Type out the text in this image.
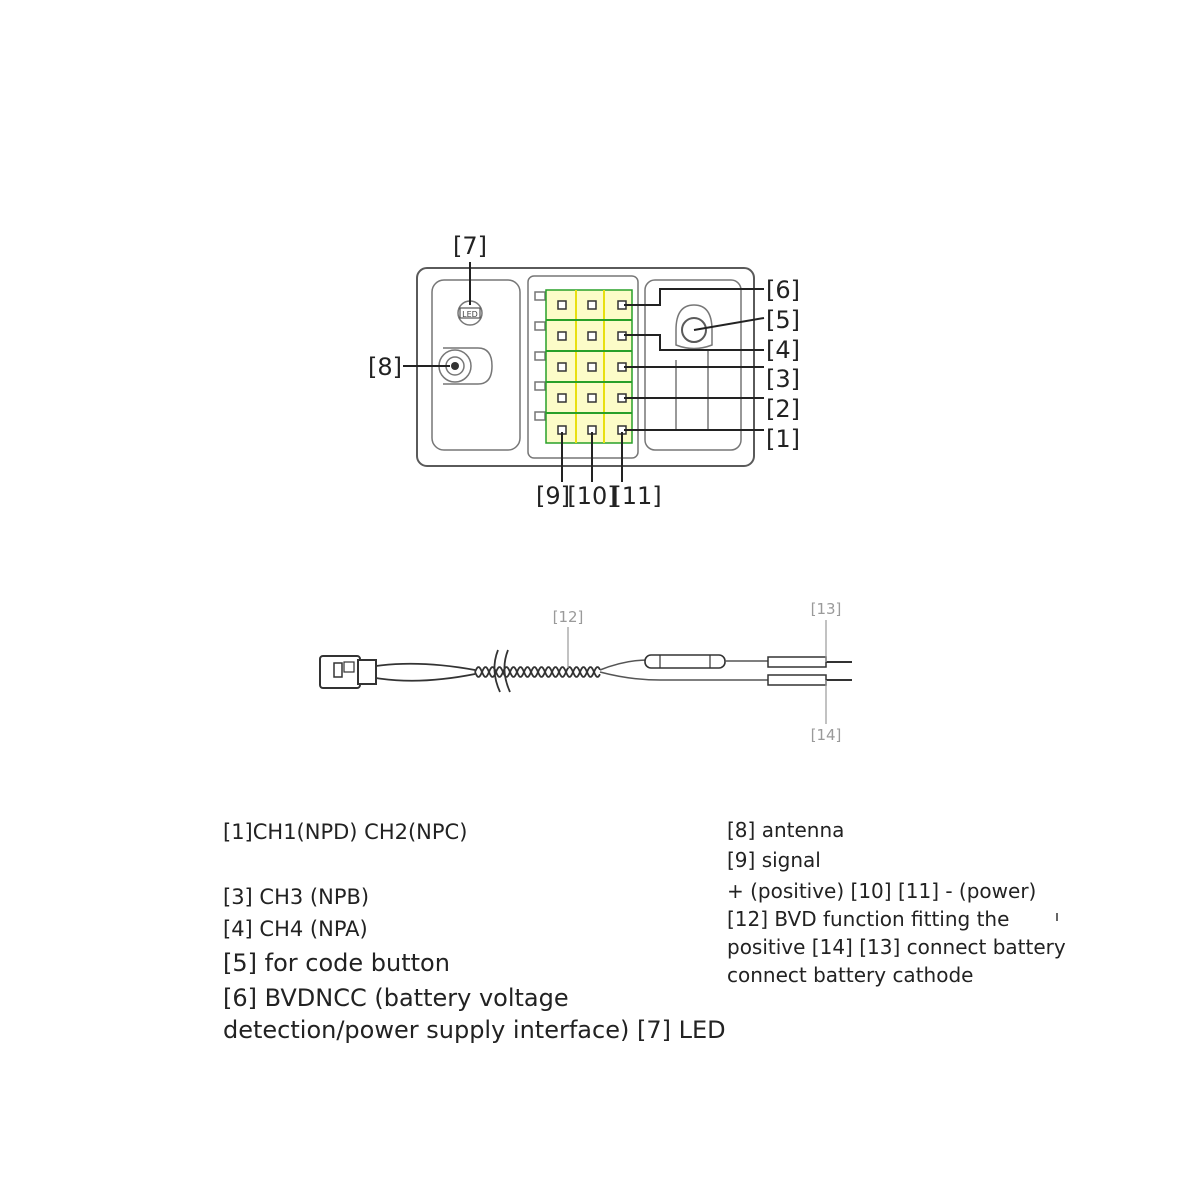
LED
[7]
[8]
[6]
[5]
[4]
[3]
[2]
[1]
[9]
[10]
[11]
[12]	[13]
[14]

[1]CH1(NPD) CH2(NPC)

[3] CH3 (NPB)

[4] CH4 (NPA)

[5] for code button

[6] BVDNCC (battery voltage

detection/power supply interface) [7] LED

[8] antenna

[9] signal

+ (positive) [10] [11] - (power)

[12] BVD function fitting the

positive [14] [13] connect battery

connect battery cathode
